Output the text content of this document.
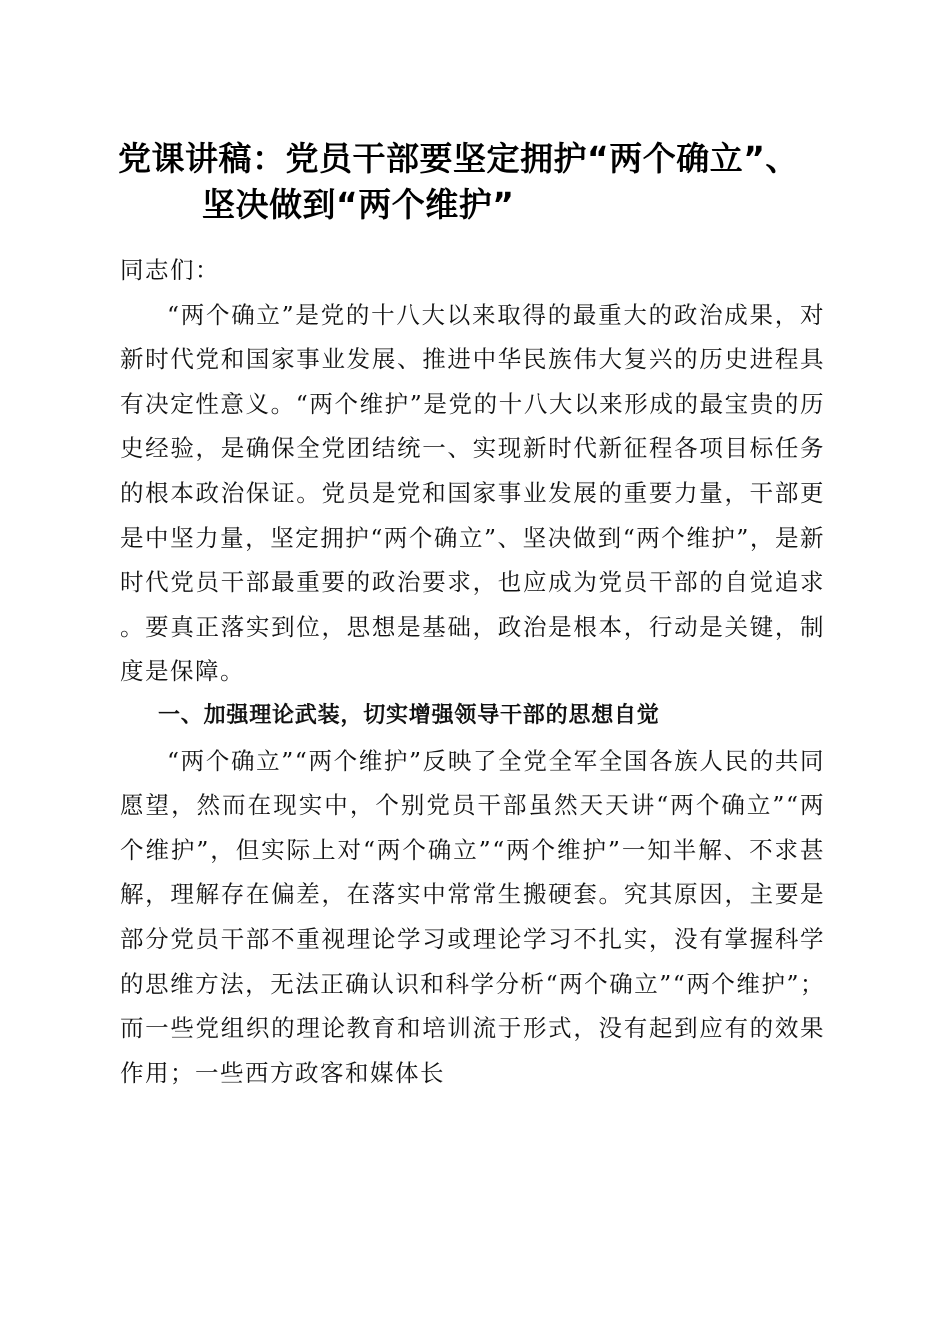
党课讲稿：党员干部要坚定拥护“两个确立”、
坚决做到“两个维护”

同志们：

“两个确立”是党的十八大以来取得的最重大的政治成果，对新时代党和国家事业发展、推进中华民族伟大复兴的历史进程具有决定性意义。“两个维护”是党的十八大以来形成的最宝贵的历史经验，是确保全党团结统一、实现新时代新征程各项目标任务的根本政治保证。党员是党和国家事业发展的重要力量，干部更是中坚力量，坚定拥护“两个确立”、坚决做到“两个维护”，是新时代党员干部最重要的政治要求，也应成为党员干部的自觉追求。要真正落实到位，思想是基础，政治是根本，行动是关键，制度是保障。

一、加强理论武装，切实增强领导干部的思想自觉

“两个确立”“两个维护”反映了全党全军全国各族人民的共同愿望，然而在现实中，个别党员干部虽然天天讲“两个确立”“两个维护”，但实际上对“两个确立”“两个维护”一知半解、不求甚解，理解存在偏差，在落实中常常生搬硬套。究其原因，主要是部分党员干部不重视理论学习或理论学习不扎实，没有掌握科学的思维方法，无法正确认识和科学分析“两个确立”“两个维护”；而一些党组织的理论教育和培训流于形式，没有起到应有的效果作用；一些西方政客和媒体长
